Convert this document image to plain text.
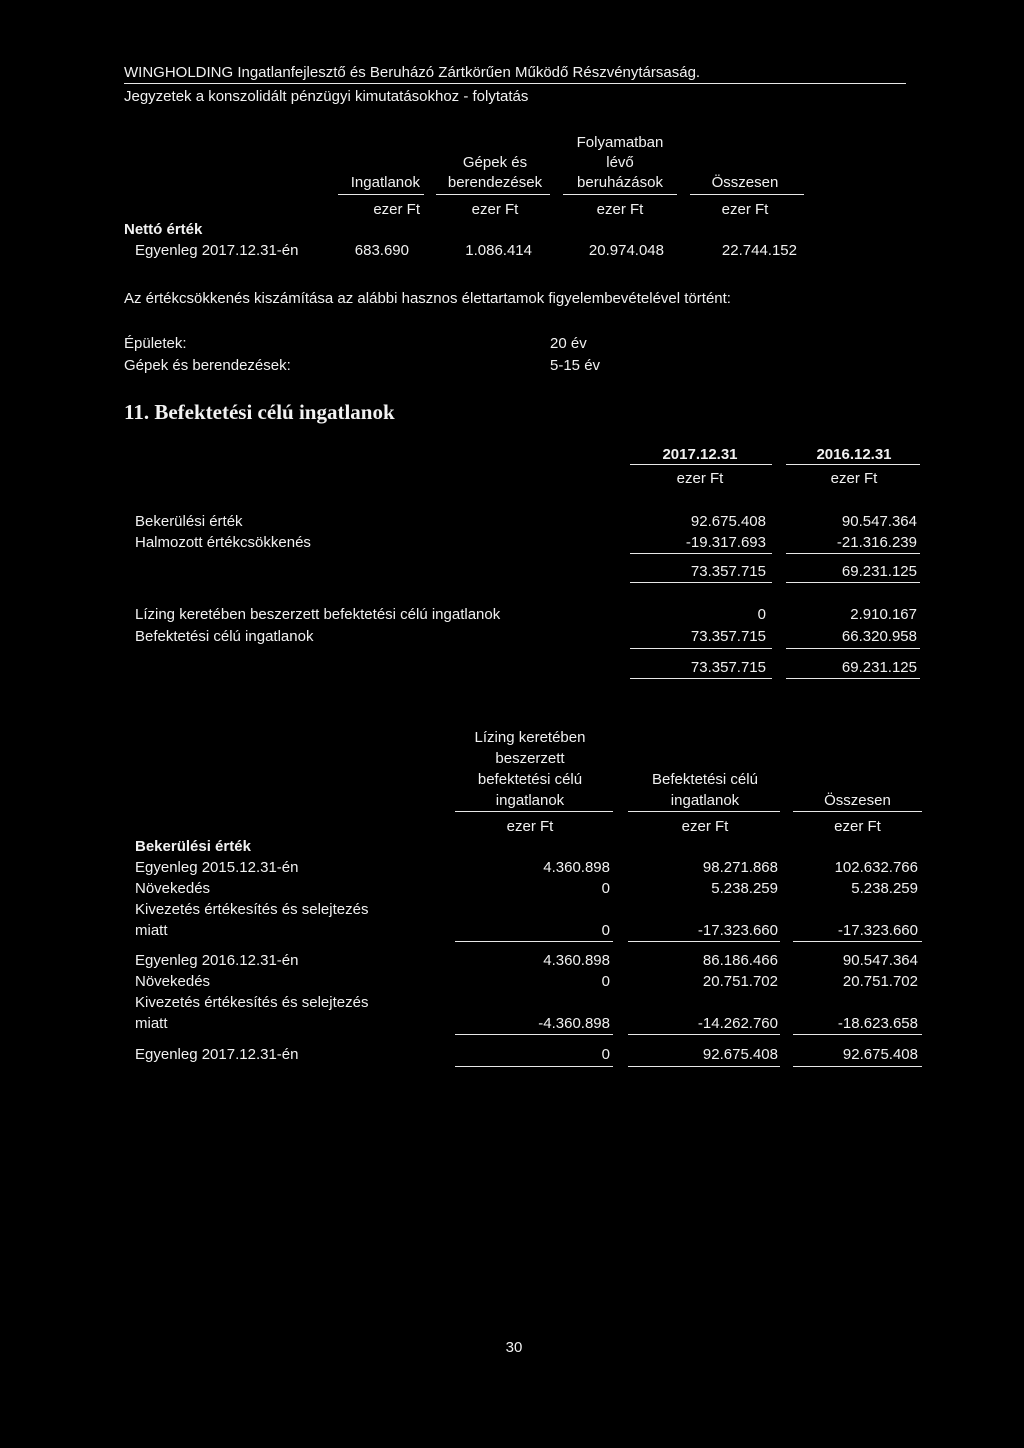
WINGHOLDING Ingatlanfejlesztő és Beruházó Zártkörűen Működő Részvénytársaság.
Jegyzetek a konszolidált pénzügyi kimutatásokhoz - folytatás
Folyamatban
Gépek és	lévő
Ingatlanok	berendezések	beruházások	Összesen
ezer Ft	ezer Ft	ezer Ft	ezer Ft
Nettó érték
Egyenleg 2017.12.31-én	683.690	1.086.414	20.974.048	22.744.152
Az értékcsökkenés kiszámítása az alábbi hasznos élettartamok figyelembevételével történt:
Épületek:	20 év
Gépek és berendezések:	5-15 év
11. Befektetési célú ingatlanok
2017.12.31	2016.12.31
ezer Ft	ezer Ft
Bekerülési érték	92.675.408	90.547.364
Halmozott értékcsökkenés	-19.317.693	-21.316.239
73.357.715	69.231.125
Lízing keretében beszerzett befektetési célú ingatlanok	0	2.910.167
Befektetési célú ingatlanok	73.357.715	66.320.958
73.357.715	69.231.125
Lízing keretében
beszerzett
befektetési célú	Befektetési célú
ingatlanok	ingatlanok	Összesen
ezer Ft	ezer Ft	ezer Ft
Bekerülési érték
Egyenleg 2015.12.31-én	4.360.898	98.271.868	102.632.766
Növekedés	0	5.238.259	5.238.259
Kivezetés értékesítés és selejtezés
miatt	0	-17.323.660	-17.323.660
Egyenleg 2016.12.31-én	4.360.898	86.186.466	90.547.364
Növekedés	0	20.751.702	20.751.702
Kivezetés értékesítés és selejtezés
miatt	-4.360.898	-14.262.760	-18.623.658
Egyenleg 2017.12.31-én	0	92.675.408	92.675.408
30
